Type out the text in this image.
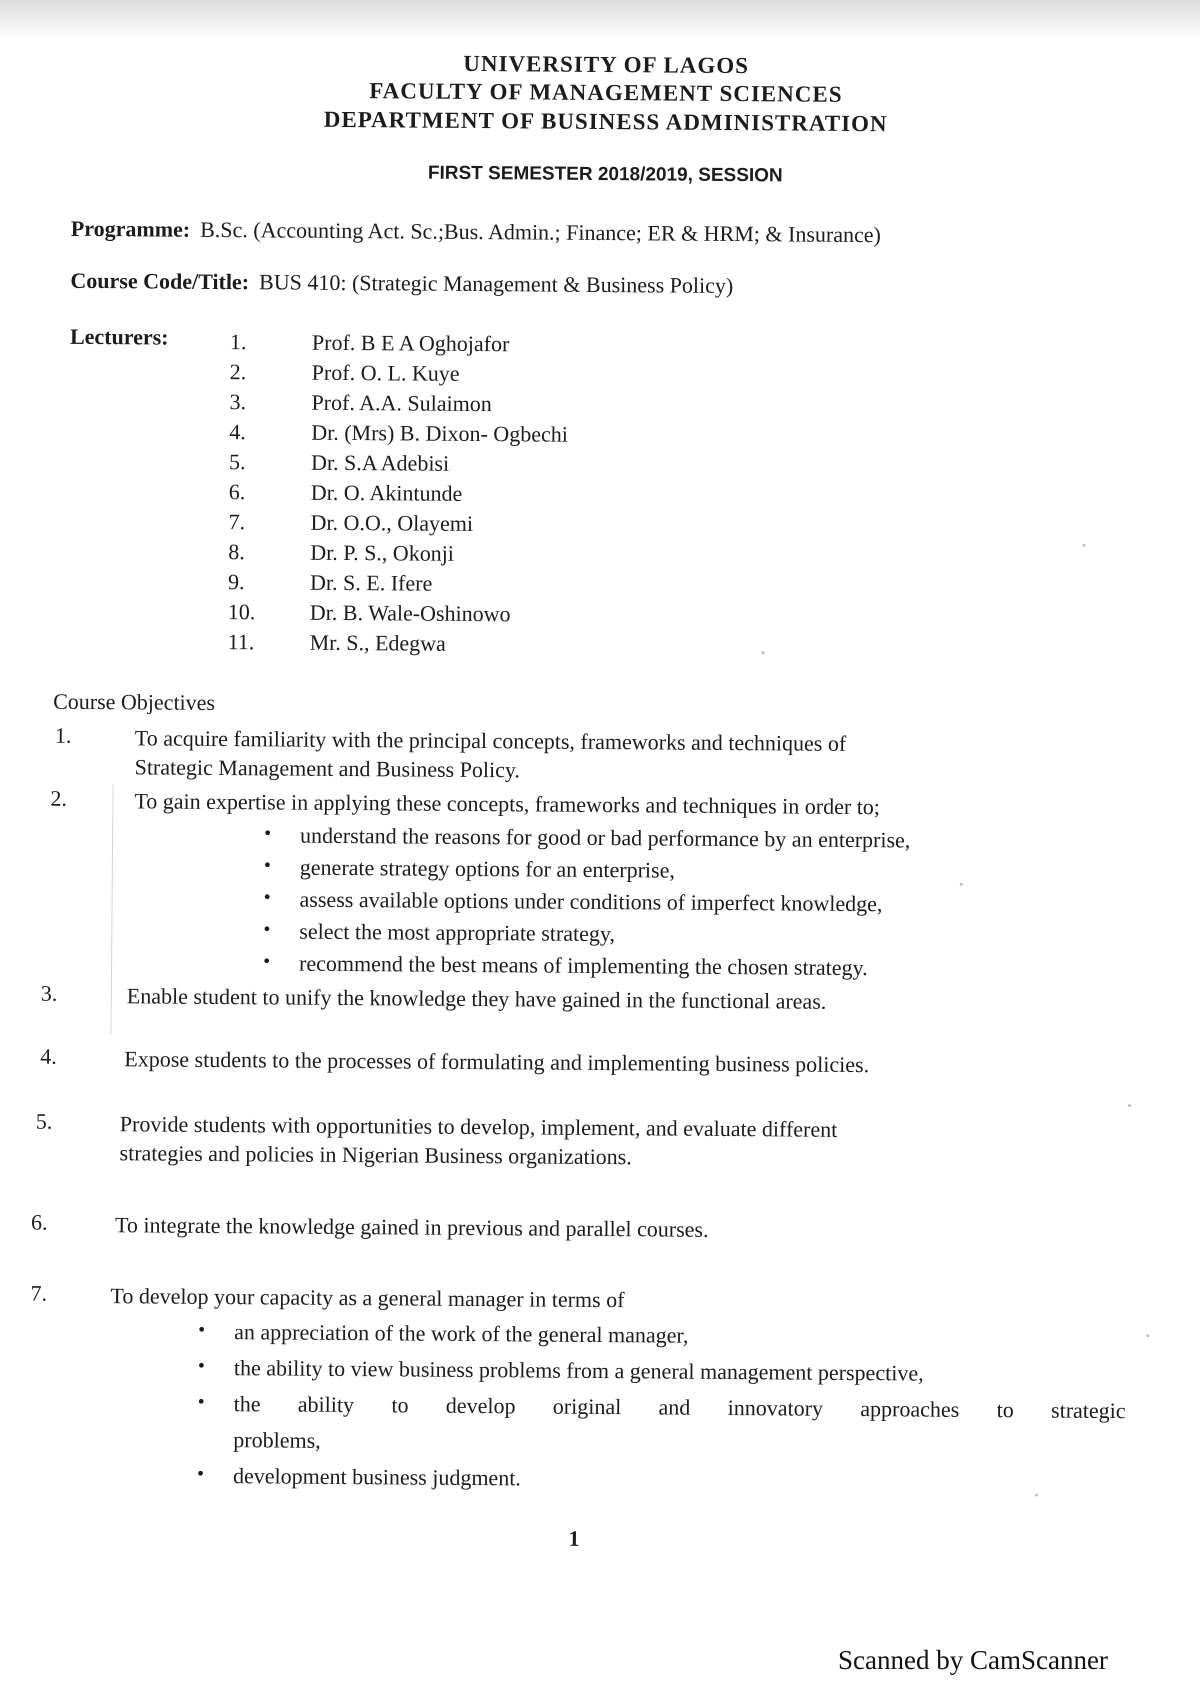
UNIVERSITY OF LAGOS
FACULTY OF MANAGEMENT SCIENCES
DEPARTMENT OF BUSINESS ADMINISTRATION
FIRST SEMESTER 2018/2019, SESSION
Programme: B.Sc. (Accounting Act. Sc.;Bus. Admin.; Finance; ER & HRM; & Insurance)
Course Code/Title: BUS 410: (Strategic Management & Business Policy)
Lecturers:	1.	Prof. B E A Oghojafor
2.	Prof. O. L. Kuye
3.	Prof. A.A. Sulaimon
4.	Dr. (Mrs) B. Dixon- Ogbechi
5.	Dr. S.A Adebisi
6.	Dr. O. Akintunde
7.	Dr. O.O., Olayemi
8.	Dr. P. S., Okonji
9.	Dr. S. E. Ifere
10.	Dr. B. Wale-Oshinowo
11.	Mr. S., Edegwa
Course Objectives
1.	To acquire familiarity with the principal concepts, frameworks and techniques of
Strategic Management and Business Policy.
2.	To gain expertise in applying these concepts, frameworks and techniques in order to;
• understand the reasons for good or bad performance by an enterprise,
• generate strategy options for an enterprise,
• assess available options under conditions of imperfect knowledge,
• select the most appropriate strategy,
• recommend the best means of implementing the chosen strategy.
3.	Enable student to unify the knowledge they have gained in the functional areas.
4.	Expose students to the processes of formulating and implementing business policies.
5.	Provide students with opportunities to develop, implement, and evaluate different
strategies and policies in Nigerian Business organizations.
6.	To integrate the knowledge gained in previous and parallel courses.
7.	To develop your capacity as a general manager in terms of
• an appreciation of the work of the general manager,
• the ability to view business problems from a general management perspective,
• the ability to develop original and innovatory approaches to strategic
problems,
• development business judgment.
1
Scanned by CamScanner
